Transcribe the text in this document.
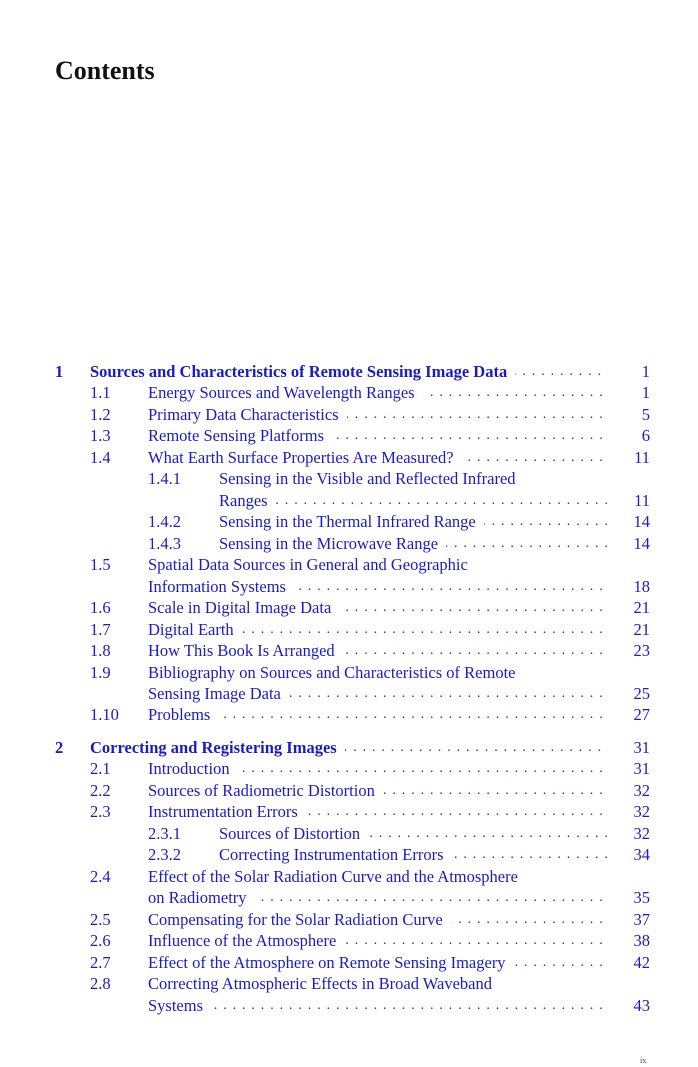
Contents
1 Sources and Characteristics of Remote Sensing Image Data . . .	1
1.1 Energy Sources and Wavelength Ranges . . .	1
1.2 Primary Data Characteristics . . .	5
1.3 Remote Sensing Platforms . . .	6
1.4 What Earth Surface Properties Are Measured? . . .	11
1.4.1 Sensing in the Visible and Reflected Infrared
Ranges . . .	11
1.4.2 Sensing in the Thermal Infrared Range . . .	14
1.4.3 Sensing in the Microwave Range . . .	14
1.5 Spatial Data Sources in General and Geographic
Information Systems . . .	18
1.6 Scale in Digital Image Data . . .	21
1.7 Digital Earth . . .	21
1.8 How This Book Is Arranged . . .	23
1.9 Bibliography on Sources and Characteristics of Remote
Sensing Image Data . . .	25
1.10 Problems . . .	27
2 Correcting and Registering Images . . .	31
2.1 Introduction . . .	31
2.2 Sources of Radiometric Distortion . . .	32
2.3 Instrumentation Errors . . .	32
2.3.1 Sources of Distortion . . .	32
2.3.2 Correcting Instrumentation Errors . . .	34
2.4 Effect of the Solar Radiation Curve and the Atmosphere
on Radiometry . . .	35
2.5 Compensating for the Solar Radiation Curve . . .	37
2.6 Influence of the Atmosphere . . .	38
2.7 Effect of the Atmosphere on Remote Sensing Imagery . . .	42
2.8 Correcting Atmospheric Effects in Broad Waveband
Systems . . .	43
ix
